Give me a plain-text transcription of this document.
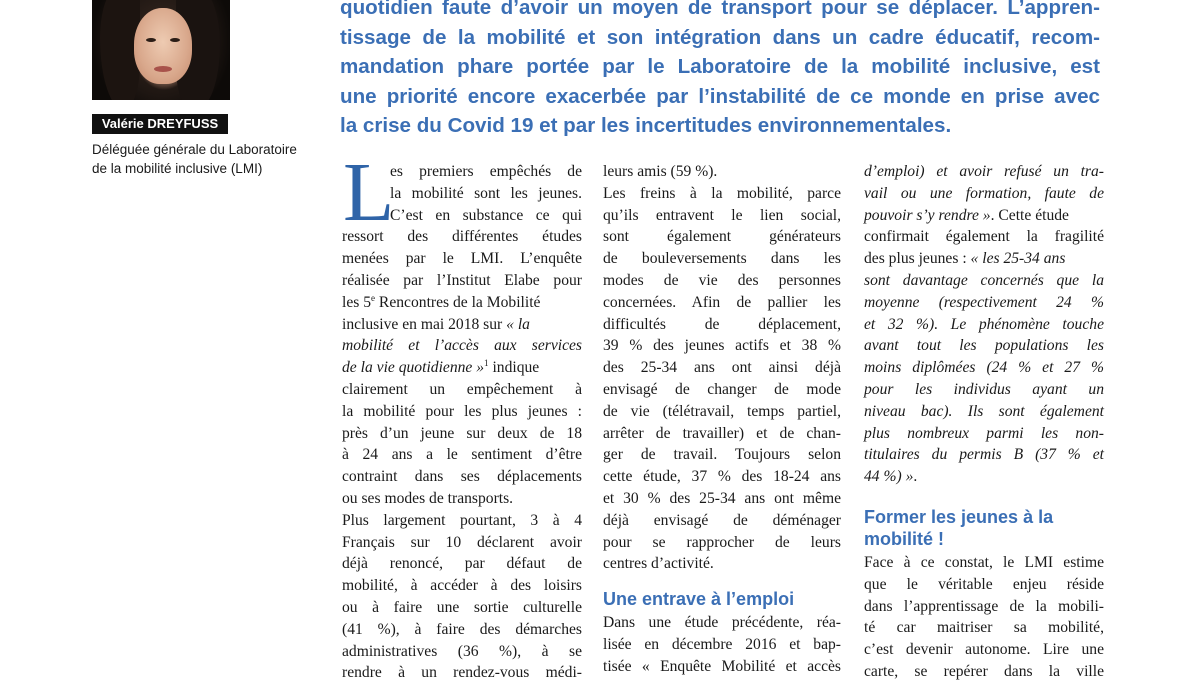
Valérie DREYFUSS
Déléguée générale du Laboratoire
de la mobilité inclusive (LMI)
quotidien faute d’avoir un moyen de transport pour se déplacer. L’appren-
tissage de la mobilité et son intégration dans un cadre éducatif, recom-
mandation phare portée par le Laboratoire de la mobilité inclusive, est
une priorité encore exacerbée par l’instabilité de ce monde en prise avec
la crise du Covid 19 et par les incertitudes environnementales.
L
es premiers empêchés de
la mobilité sont les jeunes.
C’est en substance ce qui
ressort des différentes études
menées par le LMI. L’enquête
réalisée par l’Institut Elabe pour
les 5e Rencontres de la Mobilité
inclusive en mai 2018 sur « la
mobilité et l’accès aux services
de la vie quotidienne »$^1$ indique
clairement un empêchement à
la mobilité pour les plus jeunes :
près d’un jeune sur deux de 18
à 24 ans a le sentiment d’être
contraint dans ses déplacements
ou ses modes de transports.
Plus largement pourtant, 3 à 4
Français sur 10 déclarent avoir
déjà renoncé, par défaut de
mobilité, à accéder à des loisirs
ou à faire une sortie culturelle
(41 %), à faire des démarches
administratives (36 %), à se
rendre à un rendez-vous médi-
leurs amis (59 %).
Les freins à la mobilité, parce
qu’ils entravent le lien social,
sont également générateurs
de bouleversements dans les
modes de vie des personnes
concernées. Afin de pallier les
difficultés de déplacement,
39 % des jeunes actifs et 38 %
des 25-34 ans ont ainsi déjà
envisagé de changer de mode
de vie (télétravail, temps partiel,
arrêter de travailler) et de chan-
ger de travail. Toujours selon
cette étude, 37 % des 18-24 ans
et 30 % des 25-34 ans ont même
déjà envisagé de déménager
pour se rapprocher de leurs
centres d’activité.
Une entrave à l’emploi
Dans une étude précédente, réa-
lisée en décembre 2016 et bap-
tisée « Enquête Mobilité et accès
d’emploi) et avoir refusé un tra-
vail ou une formation, faute de
pouvoir s’y rendre ». Cette étude
confirmait également la fragilité
des plus jeunes : « les 25-34 ans
sont davantage concernés que la
moyenne (respectivement 24 %
et 32 %). Le phénomène touche
avant tout les populations les
moins diplômées (24 % et 27 %
pour les individus ayant un
niveau bac). Ils sont également
plus nombreux parmi les non-
titulaires du permis B (37 % et
44 %) ».
Former les jeunes à la
mobilité !
Face à ce constat, le LMI estime
que le véritable enjeu réside
dans l’apprentissage de la mobili-
té car maitriser sa mobilité,
c’est devenir autonome. Lire une
carte, se repérer dans la ville
